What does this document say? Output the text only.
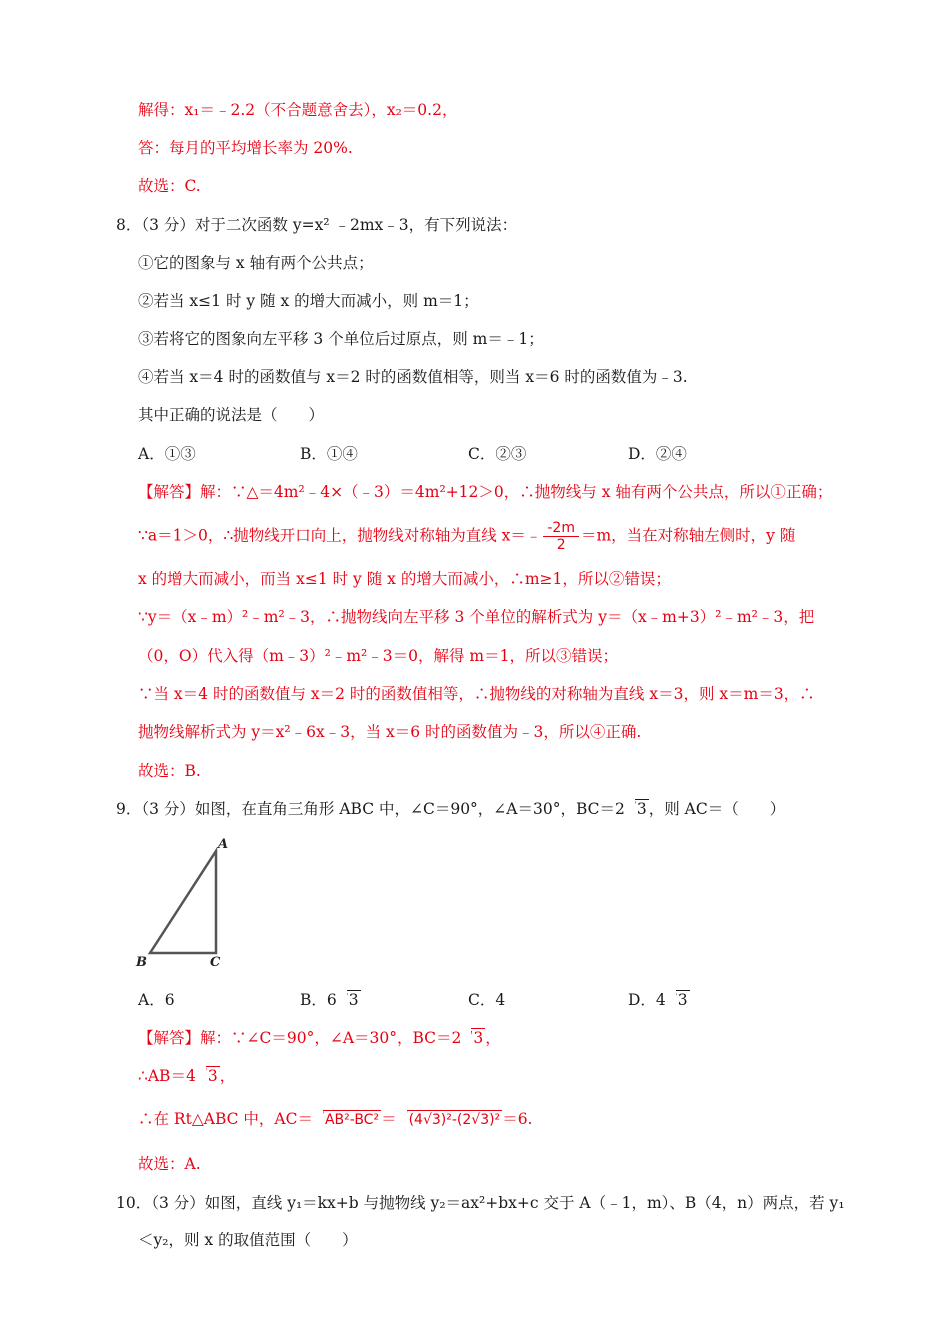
解得：x₁＝﹣2.2（不合题意舍去），x₂＝0.2，
答：每月的平均增长率为 20%.
故选：C.
8．（3 分）对于二次函数 y=x² ﹣2mx﹣3，有下列说法：
①它的图象与 x 轴有两个公共点；
②若当 x≤1 时 y 随 x 的增大而减小，则 m＝1；
③若将它的图象向左平移 3 个单位后过原点，则 m＝﹣1；
④若当 x＝4 时的函数值与 x＝2 时的函数值相等，则当 x＝6 时的函数值为﹣3.
其中正确的说法是（　　）
A．①③	B．①④	C．②③	D．②④
【解答】解：∵△＝4m²﹣4×（﹣3）＝4m²+12＞0，∴抛物线与 x 轴有两个公共点，所以①正确；
∵a＝1＞0，∴抛物线开口向上，抛物线对称轴为直线 x＝﹣ $\frac{-2m}{2} =m$，当在对称轴左侧时，y 随
x 的增大而减小，而当 x≤1 时 y 随 x 的增大而减小，∴m≥1，所以②错误；
∵y＝（x﹣m）²﹣m²﹣3，∴抛物线向左平移 3 个单位的解析式为 y＝（x﹣m+3）²﹣m²﹣3，把
（0，O）代入得（m﹣3）²﹣m²﹣3＝0，解得 m＝1，所以③错误；
∵当 x＝4 时的函数值与 x＝2 时的函数值相等，∴抛物线的对称轴为直线 x＝3，则 x＝m＝3，∴
抛物线解析式为 y＝x²﹣6x﹣3，当 x＝6 时的函数值为﹣3，所以④正确.
故选：B.
9．（3 分）如图，在直角三角形 ABC 中，∠C＝90°，∠A＝30°，BC＝2 3 ，则 AC＝（　　）
A
B	C
A．6	B．6 3	C．4	D．4 3
【解答】解：∵∠C＝90°，∠A＝30°，BC＝2 3 ，
∴AB＝4 3 ，
∴在 Rt△ABC 中，AC＝ AB²-BC² ＝ (4√3)²-(2√3)² ＝6.
故选：A.
10．（3 分）如图，直线 y₁＝kx+b 与抛物线 y₂＝ax²+bx+c 交于 A（﹣1，m）、B（4，n）两点，若 y₁
＜y₂，则 x 的取值范围（　　）
